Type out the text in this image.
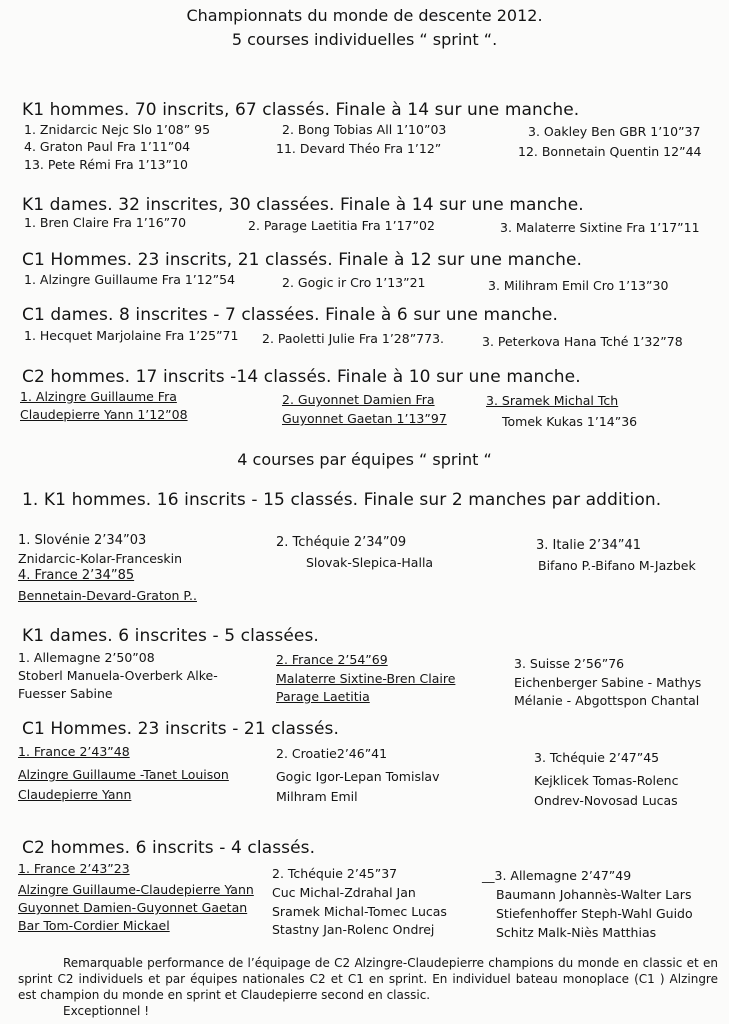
Championnats du monde de descente 2012.
5 courses individuelles “ sprint “.
K1 hommes. 70 inscrits, 67 classés. Finale à 14 sur une manche.
1. Znidarcic Nejc Slo 1’08” 95	2. Bong Tobias All 1’10”03	3. Oakley Ben GBR 1’10”37
4. Graton Paul Fra 1’11”04	11. Devard Théo Fra 1’12”	12. Bonnetain Quentin 12”44
13. Pete Rémi Fra 1’13”10
K1 dames. 32 inscrites, 30 classées. Finale à 14 sur une manche.
1. Bren Claire Fra 1’16”70	2. Parage Laetitia Fra 1’17”02	3. Malaterre Sixtine Fra 1’17”11
C1 Hommes. 23 inscrits, 21 classés. Finale à 12 sur une manche.
1. Alzingre Guillaume Fra 1’12”54	2. Gogic ir Cro 1’13”21	3. Milihram Emil Cro 1’13”30
C1 dames. 8 inscrites - 7 classées. Finale à 6 sur une manche.
1. Hecquet Marjolaine Fra 1’25”71 2. Paoletti Julie Fra 1’28”773.	3. Peterkova Hana Tché 1’32”78
C2 hommes. 17 inscrits -14 classés. Finale à 10 sur une manche.
1. Alzingre Guillaume Fra
Claudepierre Yann 1’12”08
2. Guyonnet Damien Fra
Guyonnet Gaetan 1’13”97
3. Sramek Michal Tch
Tomek Kukas 1’14”36
4 courses par équipes “ sprint “
1. K1 hommes. 16 inscrits - 15 classés. Finale sur 2 manches par addition.
1. Slovénie 2’34”03
Znidarcic-Kolar-Franceskin
2. Tchéquie 2’34”09
Slovak-Slepica-Halla
3. Italie 2’34”41
Bifano P.-Bifano M-Jazbek
4. France 2’34”85
Bennetain-Devard-Graton P..
K1 dames. 6 inscrites - 5 classées.
1. Allemagne 2’50”08
Stoberl Manuela-Overberk Alke-
Fuesser Sabine
2. France 2’54”69
Malaterre Sixtine-Bren Claire
Parage Laetitia
3. Suisse 2’56”76
Eichenberger Sabine - Mathys
Mélanie - Abgottspon Chantal
C1 Hommes. 23 inscrits - 21 classés.
1. France 2’43”48
Alzingre Guillaume -Tanet Louison
Claudepierre Yann
2. Croatie2’46”41
Gogic Igor-Lepan Tomislav
Milhram Emil
3. Tchéquie 2’47”45
Kejklicek Tomas-Rolenc
Ondrev-Novosad Lucas
C2 hommes. 6 inscrits - 4 classés.
1. France 2’43”23
Alzingre Guillaume-Claudepierre Yann
Guyonnet Damien-Guyonnet Gaetan
Bar Tom-Cordier Mickael
2. Tchéquie 2’45”37
Cuc Michal-Zdrahal Jan
Sramek Michal-Tomec Lucas
Stastny Jan-Rolenc Ondrej
__3. Allemagne 2’47”49
Baumann Johannès-Walter Lars
Stiefenhoffer Steph-Wahl Guido
Schitz Malk-Niès Matthias

Remarquable performance de l’équipage de C2 Alzingre-Claudepierre champions du monde en classic et en sprint C2 individuels et par équipes nationales C2 et C1 en sprint. En individuel bateau monoplace (C1 ) Alzingre est champion du monde en sprint et Claudepierre second en classic.

Exceptionnel !
